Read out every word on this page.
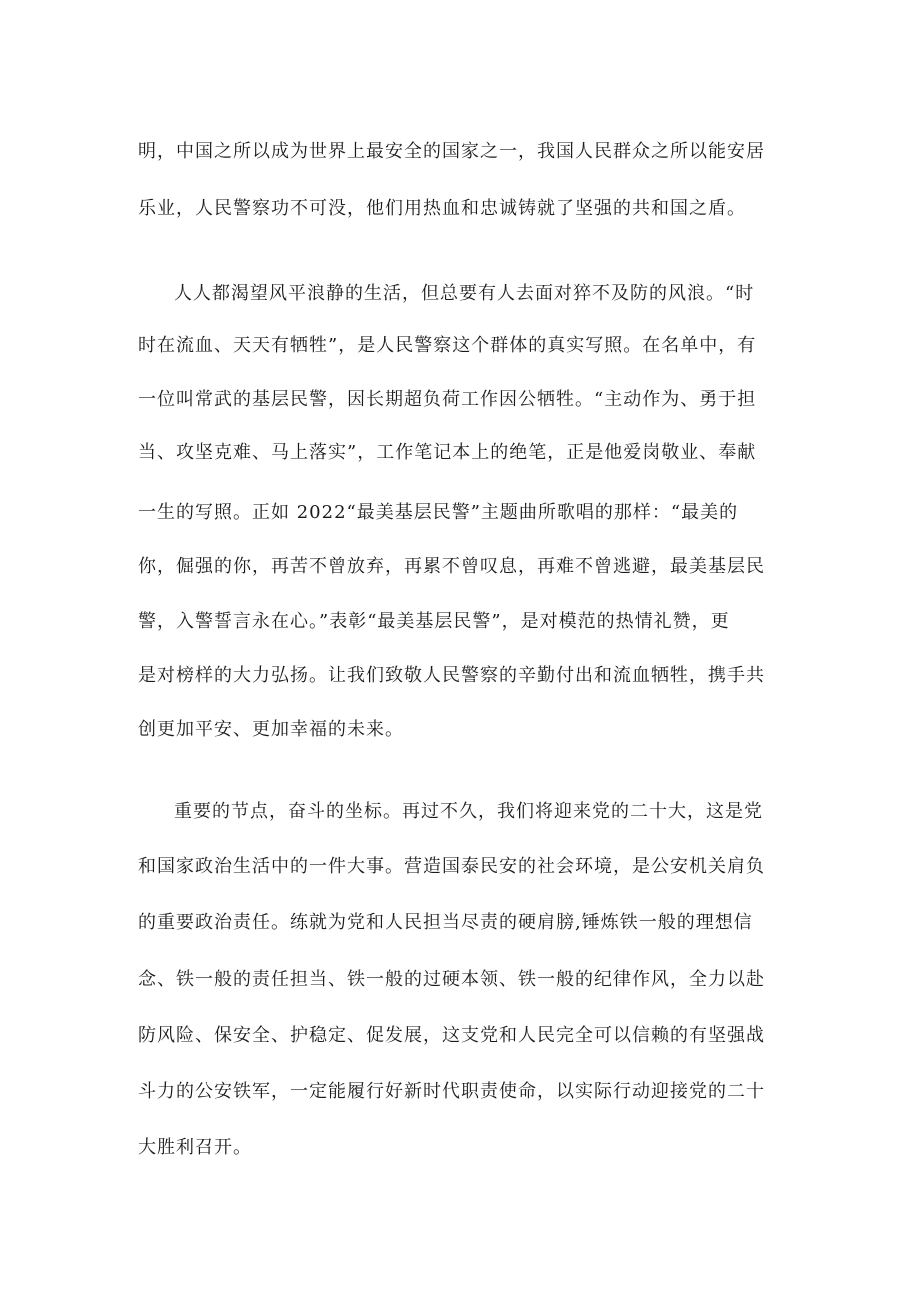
明，中国之所以成为世界上最安全的国家之一，我国人民群众之所以能安居
乐业，人民警察功不可没，他们用热血和忠诚铸就了坚强的共和国之盾。
人人都渴望风平浪静的生活，但总要有人去面对猝不及防的风浪。“时
时在流血、天天有牺牲”，是人民警察这个群体的真实写照。在名单中，有
一位叫常武的基层民警，因长期超负荷工作因公牺牲。“主动作为、勇于担
当、攻坚克难、马上落实”，工作笔记本上的绝笔，正是他爱岗敬业、奉献
一生的写照。正如 2022“最美基层民警”主题曲所歌唱的那样：“最美的
你，倔强的你，再苦不曾放弃，再累不曾叹息，再难不曾逃避，最美基层民
警，入警誓言永在心。”表彰“最美基层民警”，是对模范的热情礼赞，更
是对榜样的大力弘扬。让我们致敬人民警察的辛勤付出和流血牺牲，携手共
创更加平安、更加幸福的未来。
重要的节点，奋斗的坐标。再过不久，我们将迎来党的二十大，这是党
和国家政治生活中的一件大事。营造国泰民安的社会环境，是公安机关肩负
的重要政治责任。练就为党和人民担当尽责的硬肩膀,锤炼铁一般的理想信
念、铁一般的责任担当、铁一般的过硬本领、铁一般的纪律作风，全力以赴
防风险、保安全、护稳定、促发展，这支党和人民完全可以信赖的有坚强战
斗力的公安铁军，一定能履行好新时代职责使命，以实际行动迎接党的二十
大胜利召开。
